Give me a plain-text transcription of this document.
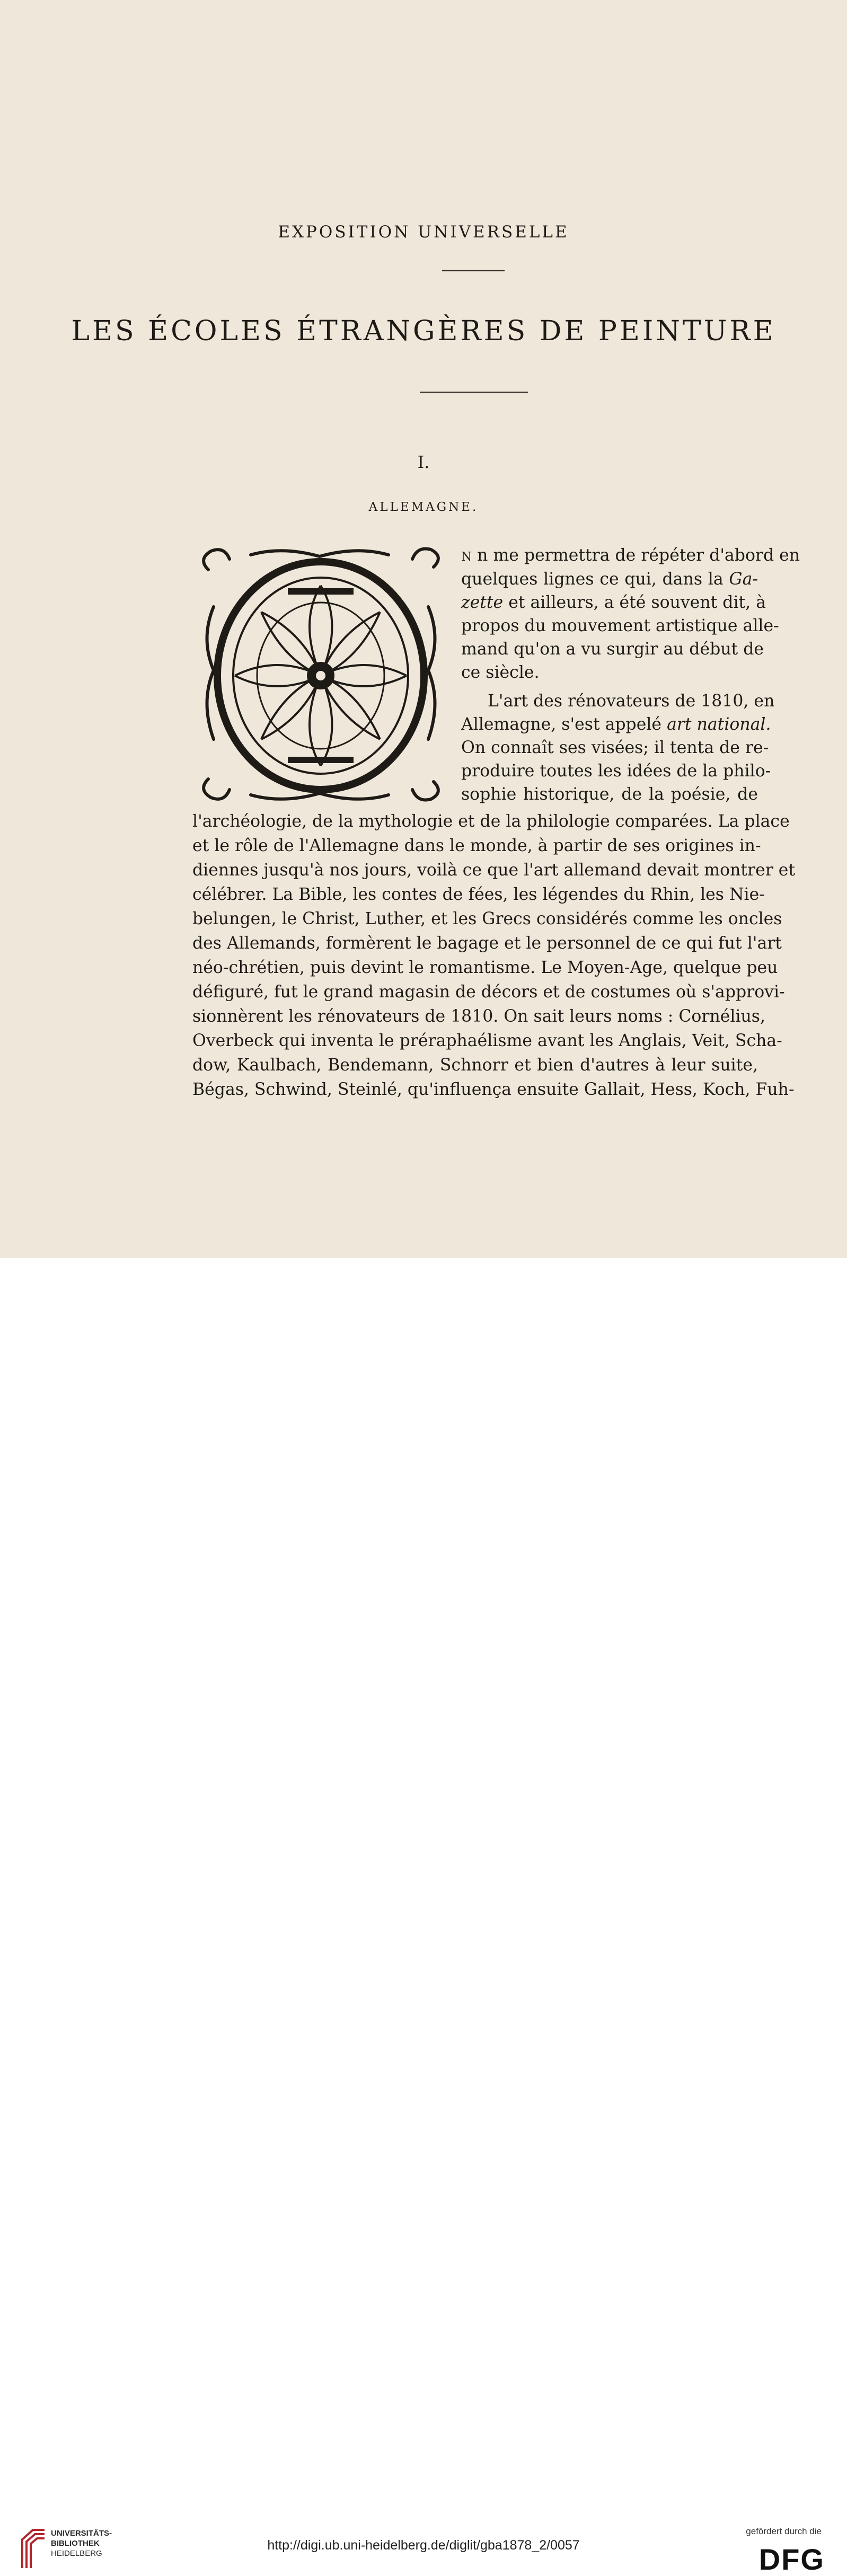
EXPOSITION UNIVERSELLE
LES ÉCOLES ÉTRANGÈRES DE PEINTURE
I.
ALLEMAGNE.
N n me permettra de répéter d'abord en
quelques lignes ce qui, dans la Ga-
zette et ailleurs, a été souvent dit, à
propos du mouvement artistique alle-
mand qu'on a vu surgir au début de
ce siècle.
L'art des rénovateurs de 1810, en
Allemagne, s'est appelé art national.
On connaît ses visées; il tenta de re-
produire toutes les idées de la philo-
sophie historique, de la poésie, de
l'archéologie, de la mythologie et de la philologie comparées. La place
et le rôle de l'Allemagne dans le monde, à partir de ses origines in-
diennes jusqu'à nos jours, voilà ce que l'art allemand devait montrer et
célébrer. La Bible, les contes de fées, les légendes du Rhin, les Nie-
belungen, le Christ, Luther, et les Grecs considérés comme les oncles
des Allemands, formèrent le bagage et le personnel de ce qui fut l'art
néo-chrétien, puis devint le romantisme. Le Moyen-Age, quelque peu
défiguré, fut le grand magasin de décors et de costumes où s'approvi-
sionnèrent les rénovateurs de 1810. On sait leurs noms : Cornélius,
Overbeck qui inventa le préraphaélisme avant les Anglais, Veit, Scha-
dow, Kaulbach, Bendemann, Schnorr et bien d'autres à leur suite,
Bégas, Schwind, Steinlé, qu'influença ensuite Gallait, Hess, Koch, Fuh-
UNIVERSITÄTS-
BIBLIOTHEK
HEIDELBERG
http://digi.ub.uni-heidelberg.de/diglit/gba1878_2/0057
gefördert durch die
DFG
